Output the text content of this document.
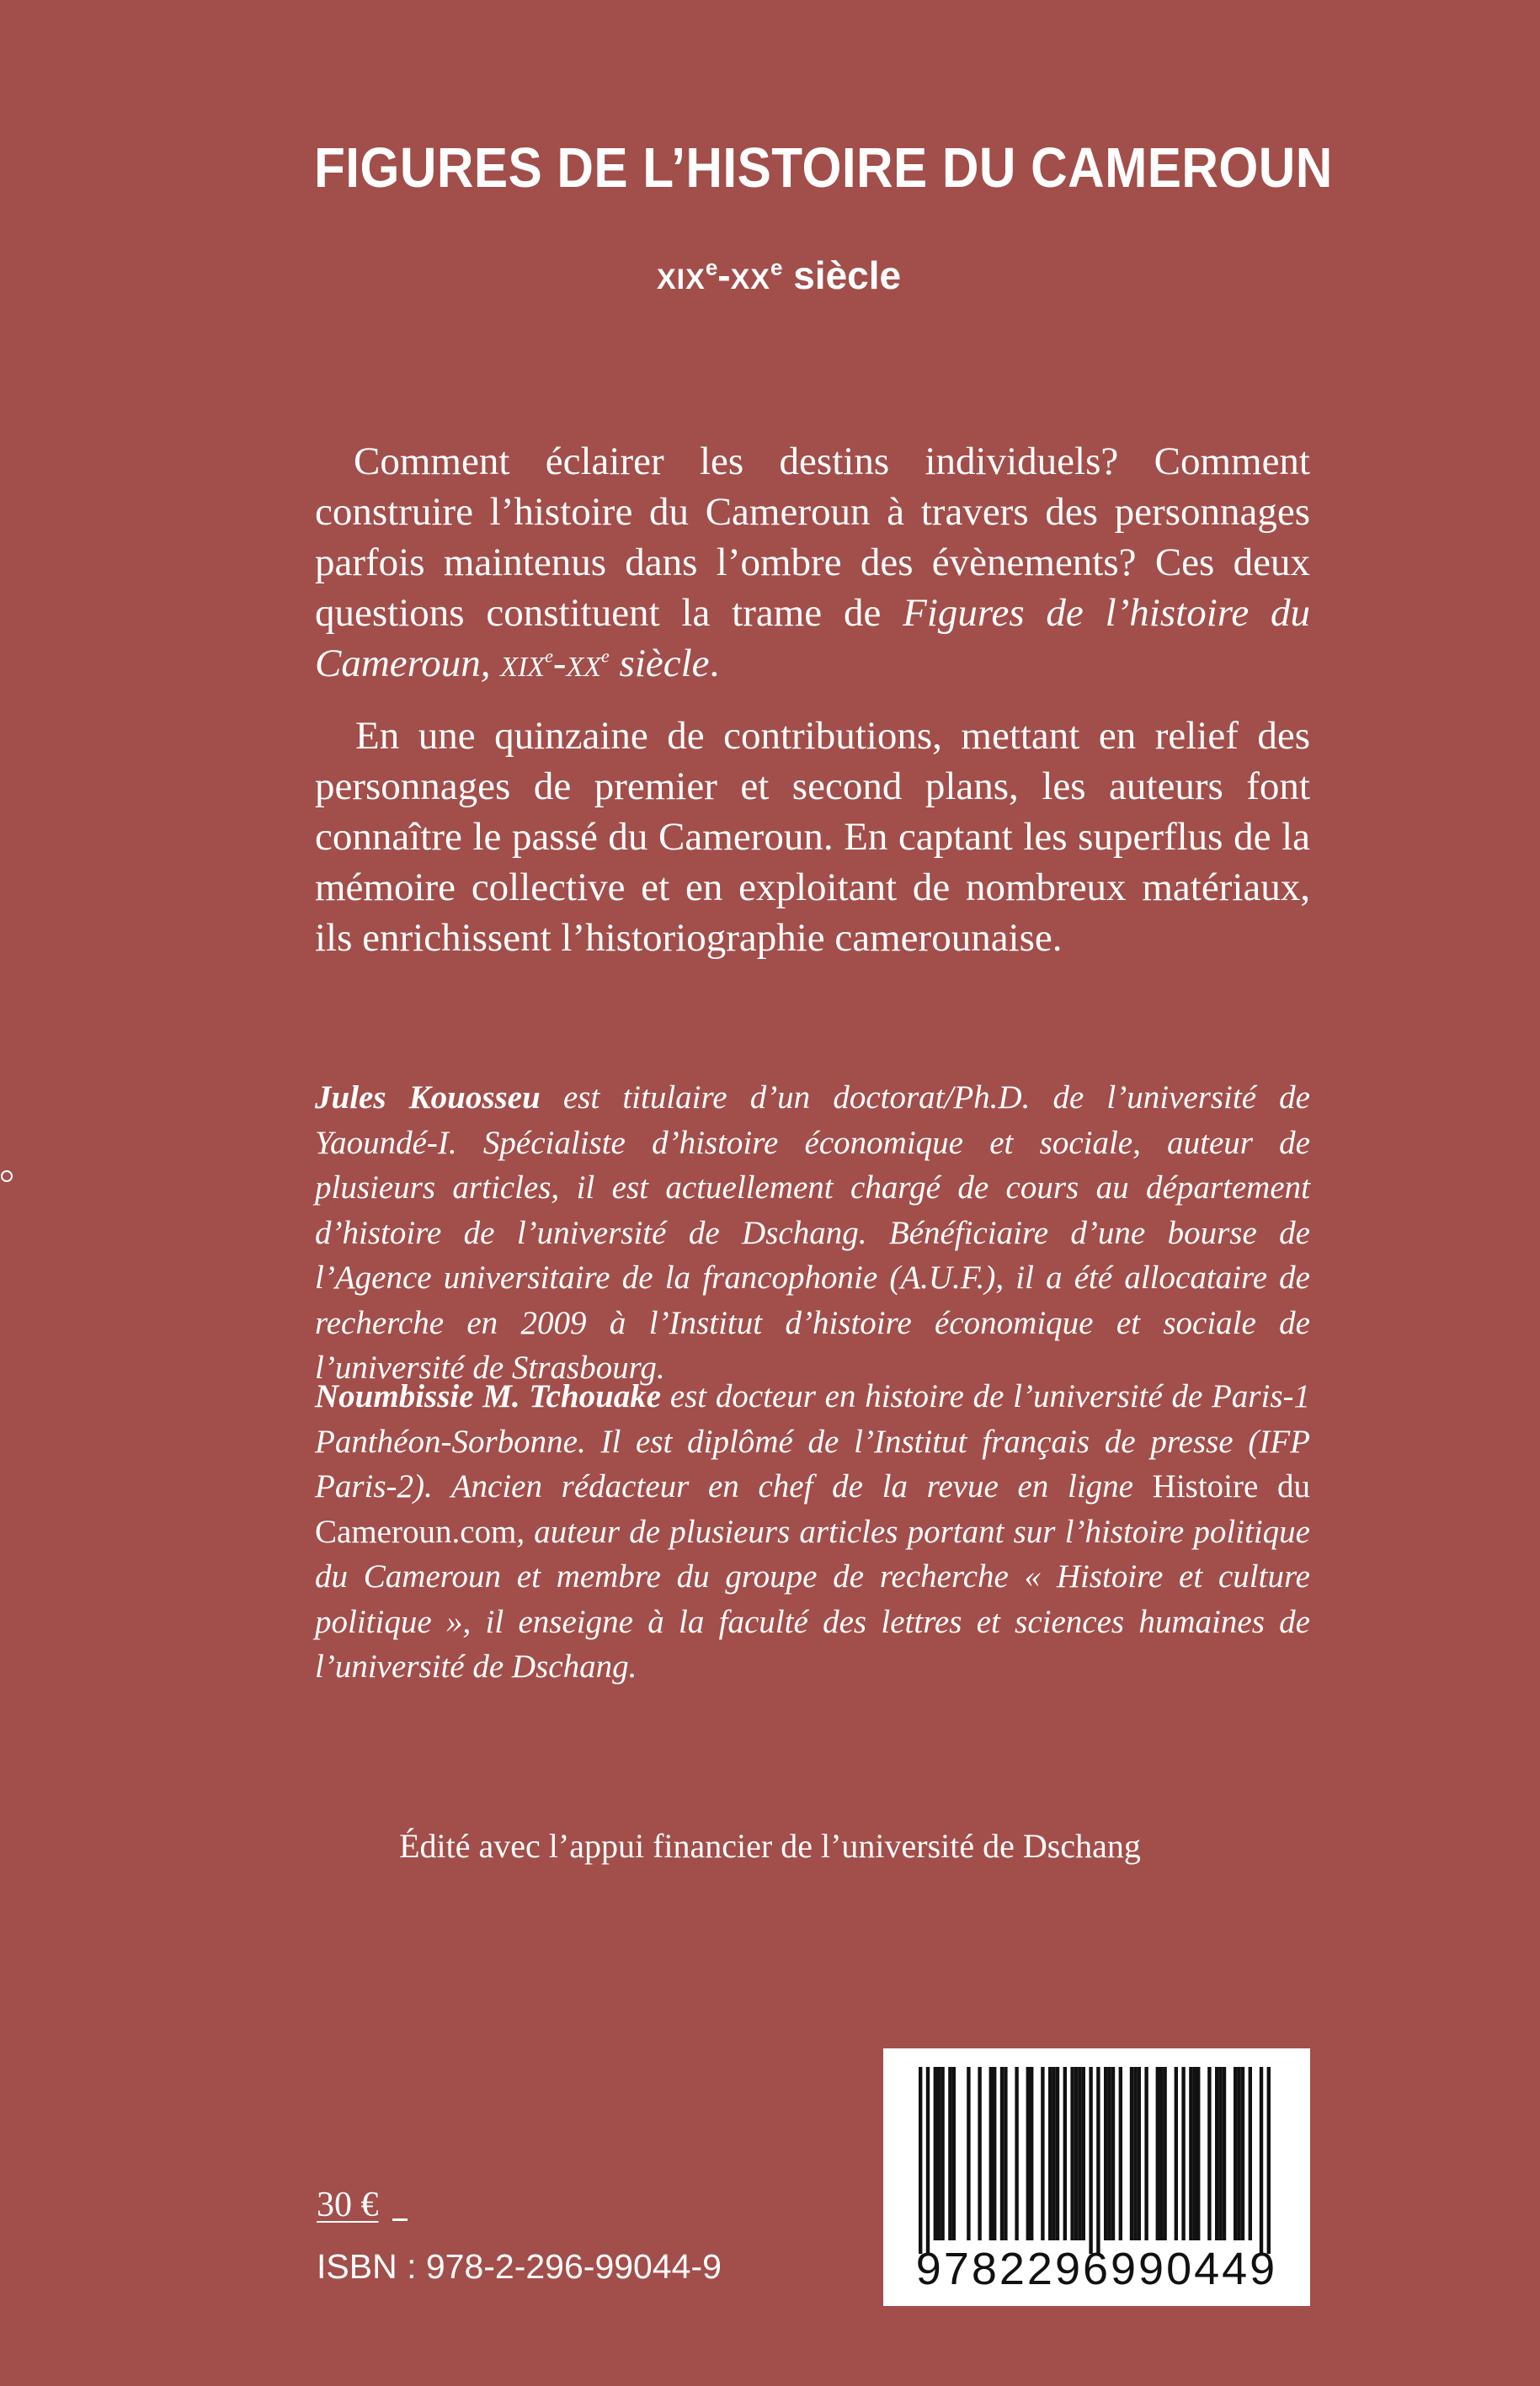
FIGURES DE L’HISTOIRE DU CAMEROUN
XIXe-XXe siècle

Comment éclairer les destins individuels? Comment construire l’histoire du Cameroun à travers des personnages parfois maintenus dans l’ombre des évènements? Ces deux questions constituent la trame de Figures de l’histoire du Cameroun, XIXe-XXe siècle.

En une quinzaine de contributions, mettant en relief des personnages de premier et second plans, les auteurs font connaître le passé du Cameroun. En captant les superflus de la mémoire collective et en exploitant de nombreux matériaux, ils enrichissent l’historiographie camerounaise.

Jules Kouosseu est titulaire d’un doctorat/Ph.D. de l’université de Yaoundé-I. Spécialiste d’histoire économique et sociale, auteur de plusieurs articles, il est actuellement chargé de cours au département d’histoire de l’université de Dschang. Bénéficiaire d’une bourse de l’Agence universitaire de la francophonie (A.U.F.), il a été allocataire de recherche en 2009 à l’Institut d’histoire économique et sociale de l’université de Strasbourg.
Noumbissie M. Tchouake est docteur en histoire de l’université de Paris-1 Panthéon-Sorbonne. Il est diplômé de l’Institut français de presse (IFP Paris-2). Ancien rédacteur en chef de la revue en ligne Histoire du Cameroun.com, auteur de plusieurs articles portant sur l’histoire politique du Cameroun et membre du groupe de recherche « Histoire et culture politique », il enseigne à la faculté des lettres et sciences humaines de l’université de Dschang.
Édité avec l’appui financier de l’université de Dschang
30 €
ISBN : 978-2-296-99044-9	9782296990449
